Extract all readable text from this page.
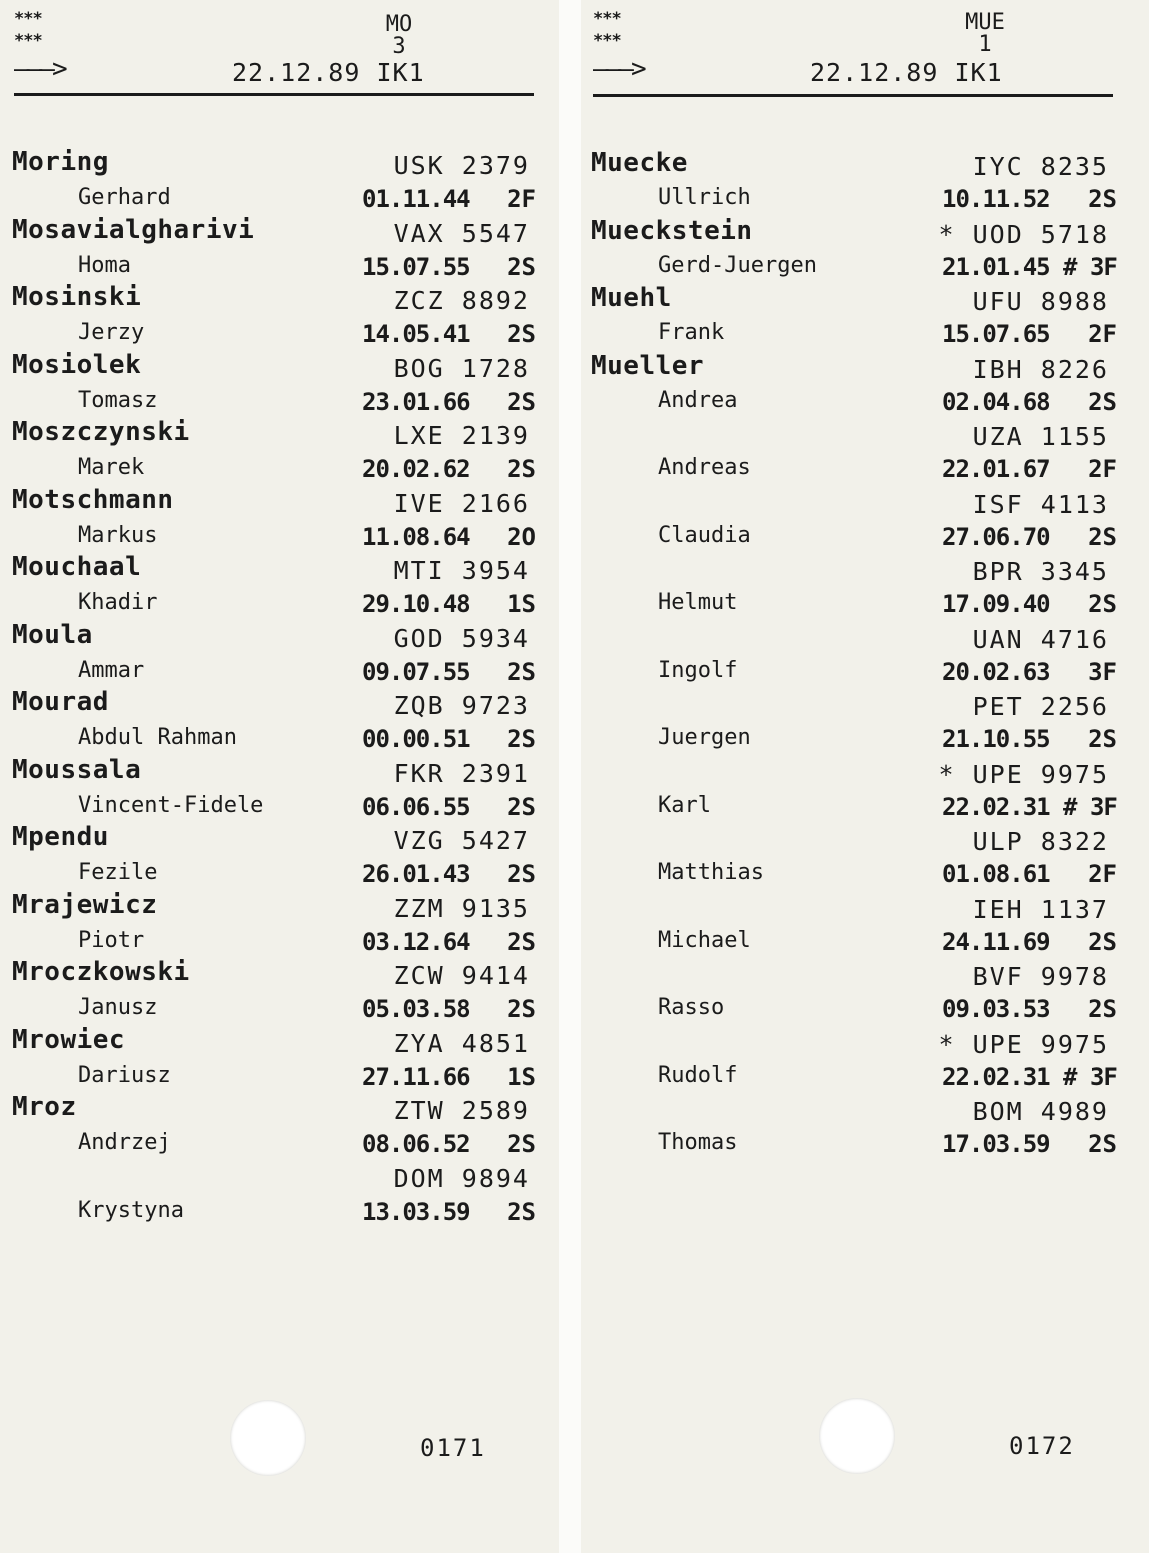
***
***
MO
3
———>	22.12.89 IK1
Moring	USK 2379
Gerhard	01.11.44 2F
Mosavialgharivi	VAX 5547
Homa	15.07.55 2S
Mosinski	ZCZ 8892
Jerzy	14.05.41 2S
Mosiolek	BOG 1728
Tomasz	23.01.66 2S
Moszczynski	LXE 2139
Marek	20.02.62 2S
Motschmann	IVE 2166
Markus	11.08.64 2O
Mouchaal	MTI 3954
Khadir	29.10.48 1S
Moula	GOD 5934
Ammar	09.07.55 2S
Mourad	ZQB 9723
Abdul Rahman	00.00.51 2S
Moussala	FKR 2391
Vincent-Fidele	06.06.55 2S
Mpendu	VZG 5427
Fezile	26.01.43 2S
Mrajewicz	ZZM 9135
Piotr	03.12.64 2S
Mroczkowski	ZCW 9414
Janusz	05.03.58 2S
Mrowiec	ZYA 4851
Dariusz	27.11.66 1S
Mroz	ZTW 2589
Andrzej	08.06.52 2S
DOM 9894
Krystyna	13.03.59 2S
0171
***
***
MUE
1
———>	22.12.89 IK1
Muecke	IYC 8235
Ullrich	10.11.52 2S
Mueckstein	* UOD 5718
Gerd-Juergen	21.01.45 # 3F
Muehl	UFU 8988
Frank	15.07.65 2F
Mueller	IBH 8226
Andrea	02.04.68 2S
UZA 1155
Andreas	22.01.67 2F
ISF 4113
Claudia	27.06.70 2S
BPR 3345
Helmut	17.09.40 2S
UAN 4716
Ingolf	20.02.63 3F
PET 2256
Juergen	21.10.55 2S
* UPE 9975
Karl	22.02.31 # 3F
ULP 8322
Matthias	01.08.61 2F
IEH 1137
Michael	24.11.69 2S
BVF 9978
Rasso	09.03.53 2S
* UPE 9975
Rudolf	22.02.31 # 3F
BOM 4989
Thomas	17.03.59 2S
0172
